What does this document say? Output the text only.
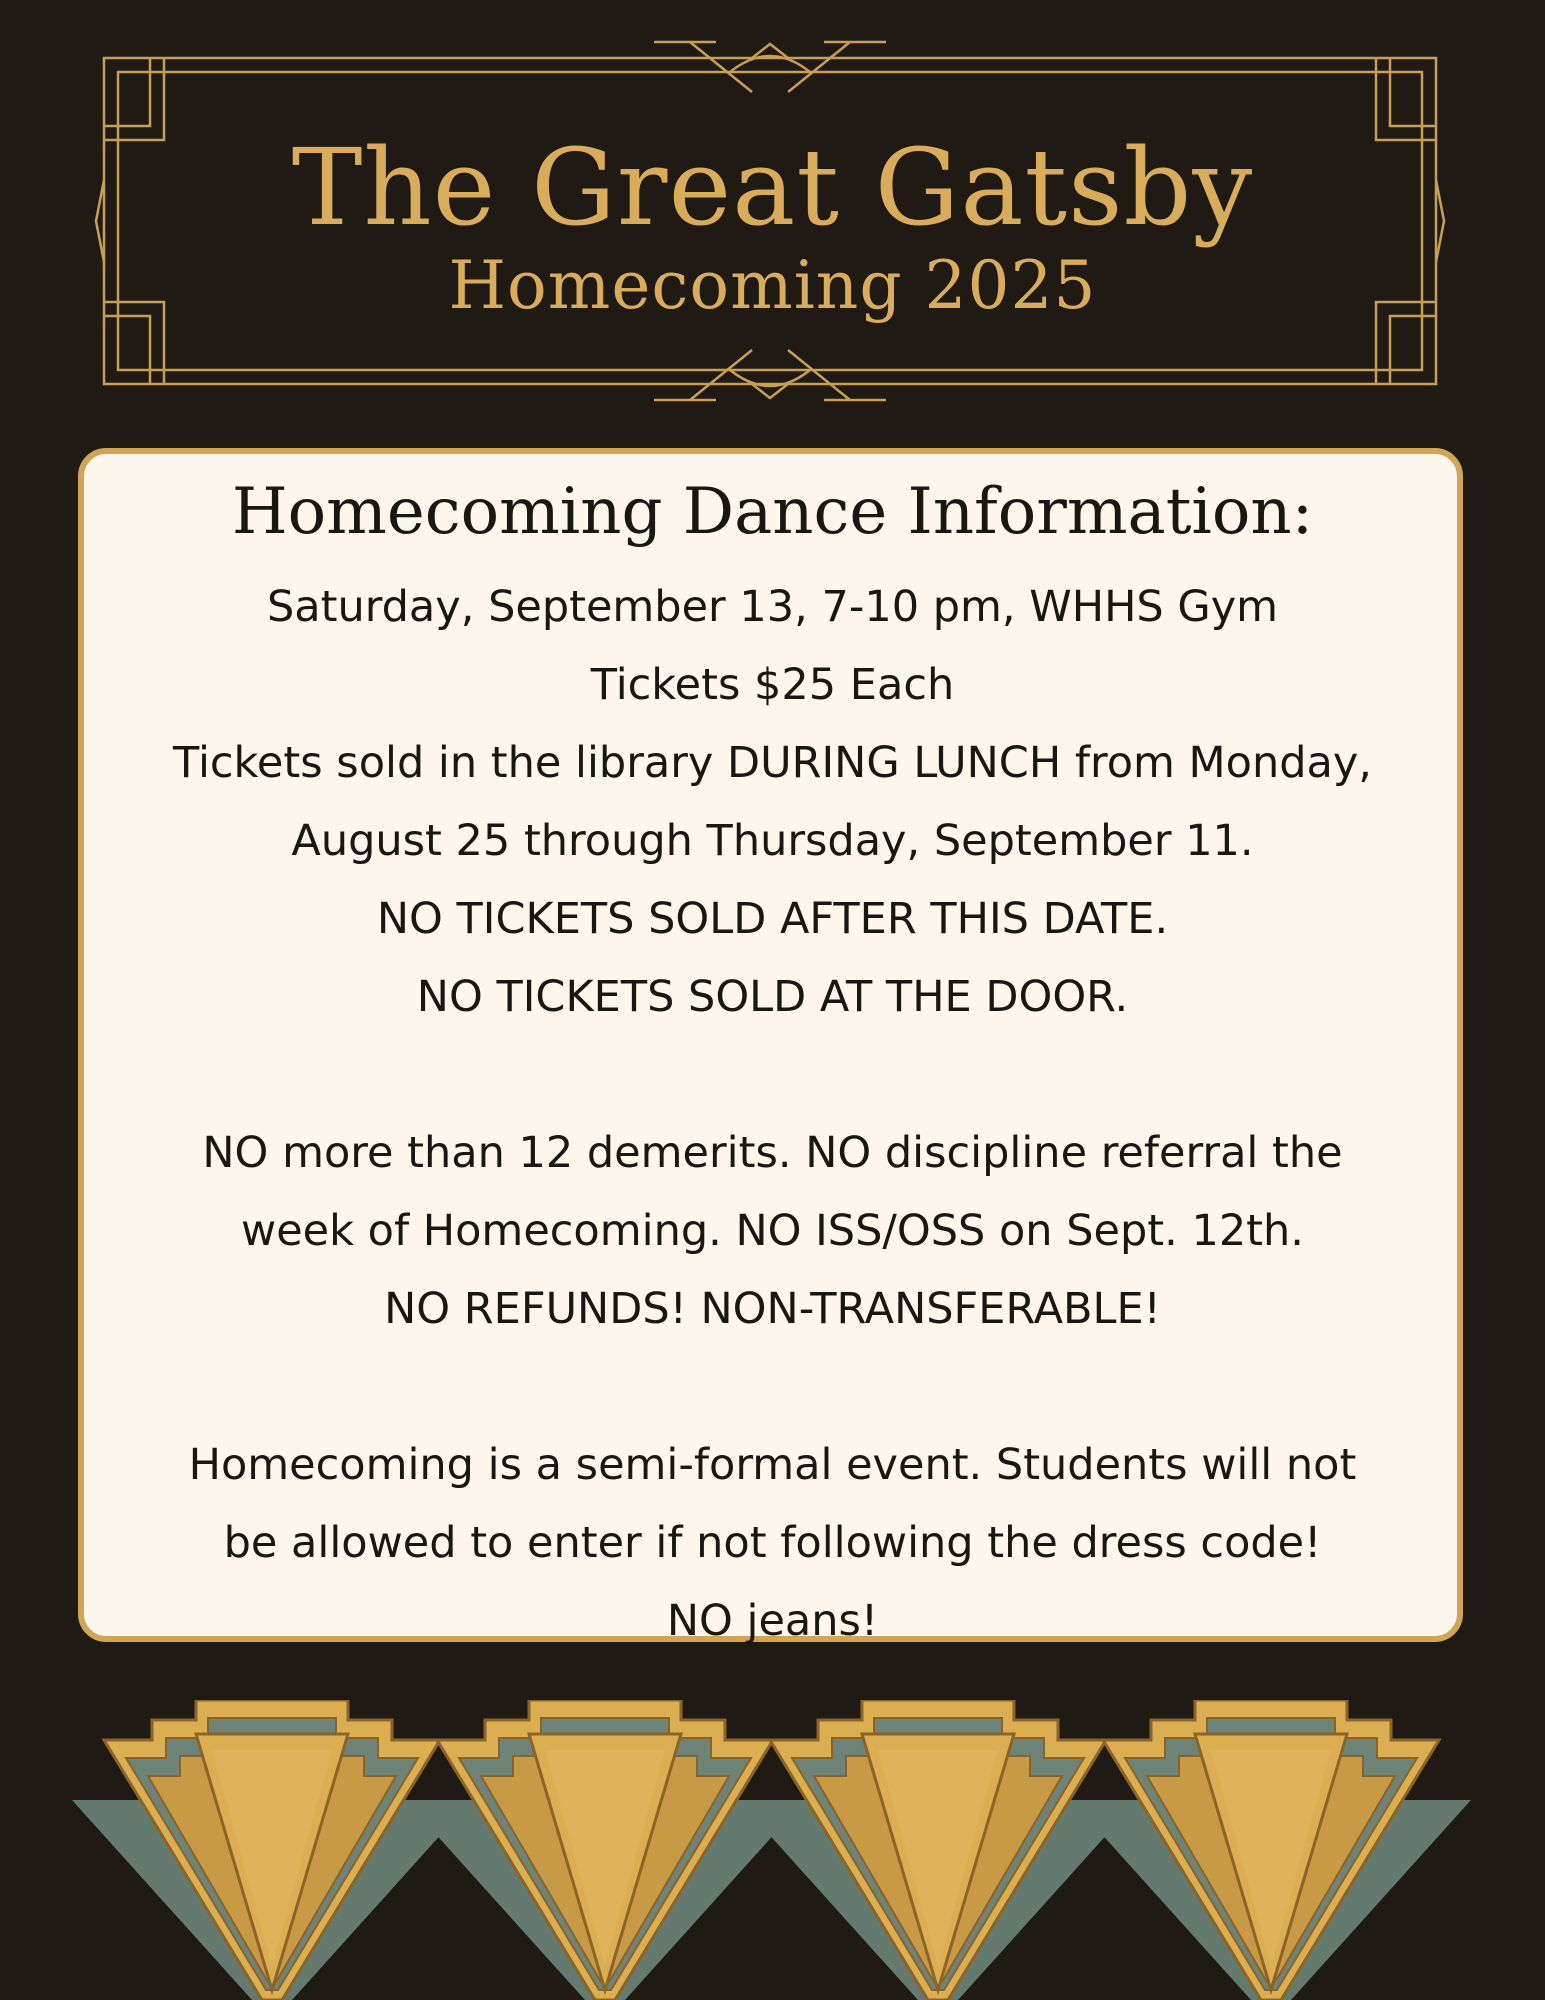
The Great Gatsby
Homecoming 2025
Homecoming Dance Information:
Saturday, September 13, 7-10 pm, WHHS Gym
Tickets $25 Each
Tickets sold in the library DURING LUNCH from Monday,
August 25 through Thursday, September 11.
NO TICKETS SOLD AFTER THIS DATE.
NO TICKETS SOLD AT THE DOOR.
NO more than 12 demerits. NO discipline referral the
week of Homecoming. NO ISS/OSS on Sept. 12th.
NO REFUNDS! NON-TRANSFERABLE!
Homecoming is a semi-formal event. Students will not
be allowed to enter if not following the dress code!
NO jeans!
